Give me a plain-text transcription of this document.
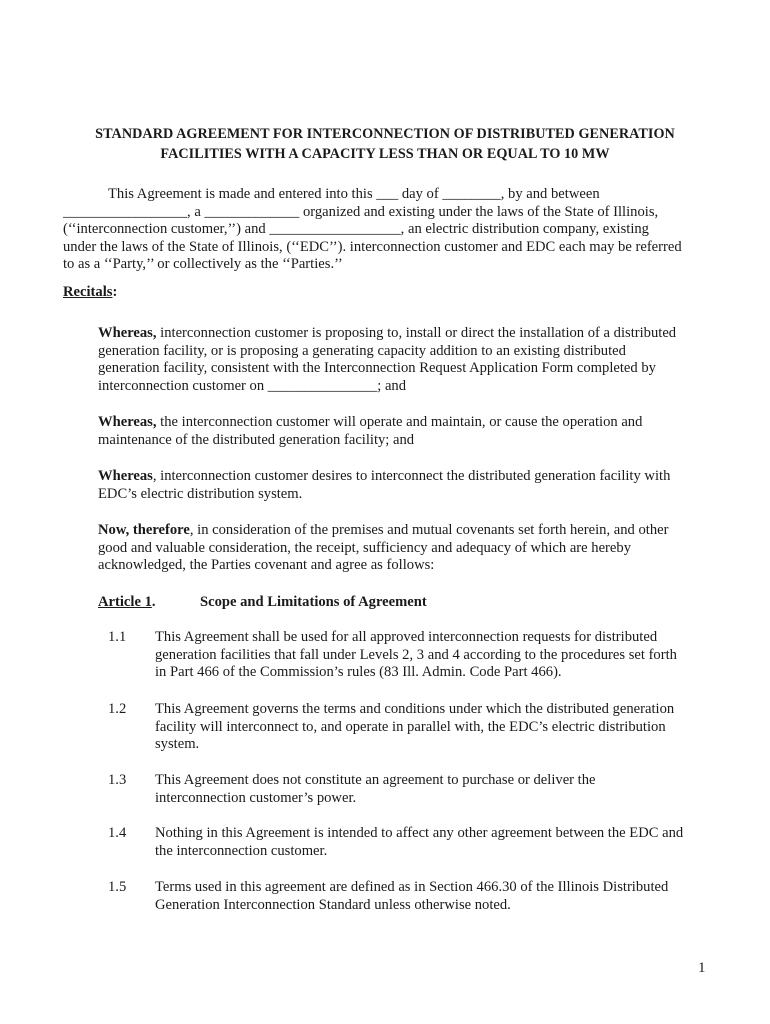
STANDARD AGREEMENT FOR INTERCONNECTION OF DISTRIBUTED GENERATION
FACILITIES WITH A CAPACITY LESS THAN OR EQUAL TO 10 MW

This Agreement is made and entered into this ___ day of ________, by and between
_________________, a _____________ organized and existing under the laws of the State of Illinois,
(‘‘interconnection customer,’’) and __________________, an electric distribution company, existing
under the laws of the State of Illinois, (‘‘EDC’’). interconnection customer and EDC each may be referred
to as a ‘‘Party,’’ or collectively as the ‘‘Parties.’’

Recitals:

Whereas, interconnection customer is proposing to, install or direct the installation of a distributed
generation facility, or is proposing a generating capacity addition to an existing distributed
generation facility, consistent with the Interconnection Request Application Form completed by
interconnection customer on _______________; and

Whereas, the interconnection customer will operate and maintain, or cause the operation and
maintenance of the distributed generation facility; and

Whereas, interconnection customer desires to interconnect the distributed generation facility with
EDC’s electric distribution system.

Now, therefore, in consideration of the premises and mutual covenants set forth herein, and other
good and valuable consideration, the receipt, sufficiency and adequacy of which are hereby
acknowledged, the Parties covenant and agree as follows:

Article 1.	Scope and Limitations of Agreement
1.1 This Agreement shall be used for all approved interconnection requests for distributed
generation facilities that fall under Levels 2, 3 and 4 according to the procedures set forth
in Part 466 of the Commission’s rules (83 Ill. Admin. Code Part 466).

1.2 This Agreement governs the terms and conditions under which the distributed generation
facility will interconnect to, and operate in parallel with, the EDC’s electric distribution
system.

1.3 This Agreement does not constitute an agreement to purchase or deliver the
interconnection customer’s power.

1.4 Nothing in this Agreement is intended to affect any other agreement between the EDC and
the interconnection customer.

1.5 Terms used in this agreement are defined as in Section 466.30 of the Illinois Distributed
Generation Interconnection Standard unless otherwise noted.

1
